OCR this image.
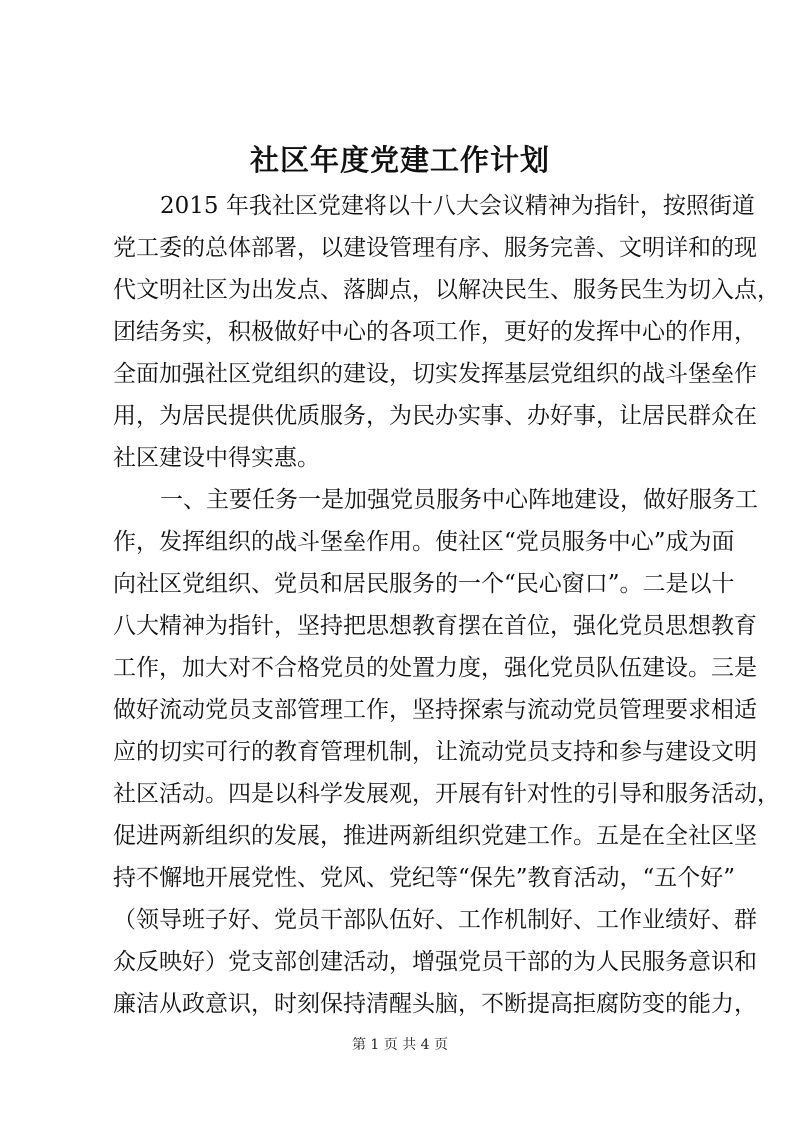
社区年度党建工作计划
2015 年我社区党建将以十八大会议精神为指针，按照街道
党工委的总体部署，以建设管理有序、服务完善、文明详和的现
代文明社区为出发点、落脚点，以解决民生、服务民生为切入点，
团结务实，积极做好中心的各项工作，更好的发挥中心的作用，
全面加强社区党组织的建设，切实发挥基层党组织的战斗堡垒作
用，为居民提供优质服务，为民办实事、办好事，让居民群众在
社区建设中得实惠。
一、主要任务一是加强党员服务中心阵地建设，做好服务工
作，发挥组织的战斗堡垒作用。使社区“党员服务中心”成为面
向社区党组织、党员和居民服务的一个“民心窗口”。二是以十
八大精神为指针，坚持把思想教育摆在首位，强化党员思想教育
工作，加大对不合格党员的处置力度，强化党员队伍建设。三是
做好流动党员支部管理工作，坚持探索与流动党员管理要求相适
应的切实可行的教育管理机制，让流动党员支持和参与建设文明
社区活动。四是以科学发展观，开展有针对性的引导和服务活动，
促进两新组织的发展，推进两新组织党建工作。五是在全社区坚
持不懈地开展党性、党风、党纪等“保先”教育活动，“五个好”
（领导班子好、党员干部队伍好、工作机制好、工作业绩好、群
众反映好）党支部创建活动，增强党员干部的为人民服务意识和
廉洁从政意识，时刻保持清醒头脑，不断提高拒腐防变的能力，
第 1 页 共 4 页
